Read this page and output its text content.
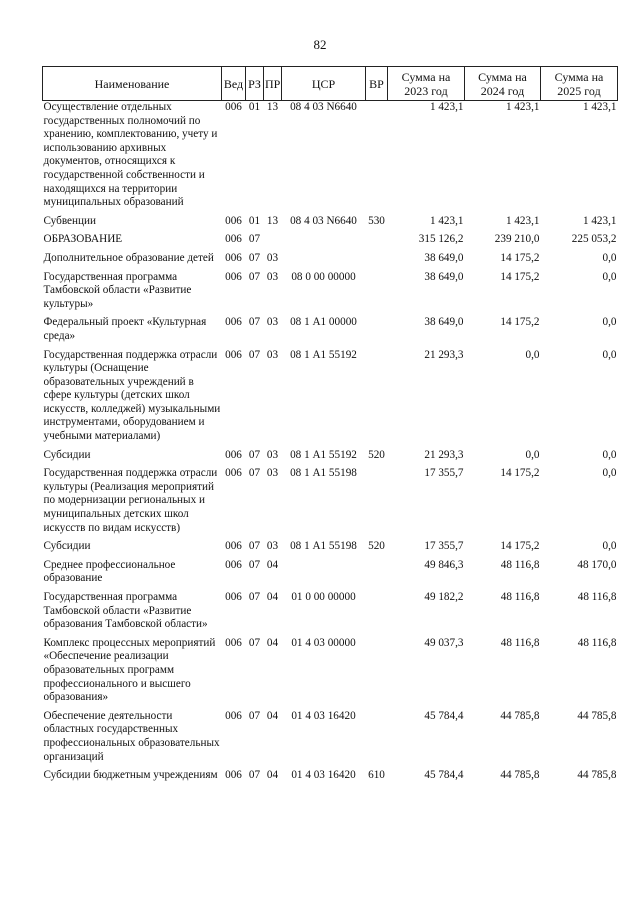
82
Наименование	Вед	РЗ	ПР	ЦСР	ВР	Сумма на 2023 год	Сумма на 2024 год	Сумма на 2025 год
Осуществление отдельных государственных полномочий по хранению, комплектованию, учету и использованию архивных документов, относящихся к государственной собственности и находящихся на территории муниципальных образований	006	01	13	08 4 03 N6640		1 423,1	1 423,1	1 423,1
Субвенции	006	01	13	08 4 03 N6640	530	1 423,1	1 423,1	1 423,1
ОБРАЗОВАНИЕ	006	07				315 126,2	239 210,0	225 053,2
Дополнительное образование детей	006	07	03			38 649,0	14 175,2	0,0
Государственная программа Тамбовской области «Развитие культуры»	006	07	03	08 0 00 00000		38 649,0	14 175,2	0,0
Федеральный проект «Культурная среда»	006	07	03	08 1 А1 00000		38 649,0	14 175,2	0,0
Государственная поддержка отрасли культуры (Оснащение образовательных учреждений в сфере культуры (детских школ искусств, колледжей) музыкальными инструментами, оборудованием и учебными материалами)	006	07	03	08 1 А1 55192		21 293,3	0,0	0,0
Субсидии	006	07	03	08 1 А1 55192	520	21 293,3	0,0	0,0
Государственная поддержка отрасли культуры (Реализация мероприятий по модернизации региональных и муниципальных детских школ искусств по видам искусств)	006	07	03	08 1 А1 55198		17 355,7	14 175,2	0,0
Субсидии	006	07	03	08 1 А1 55198	520	17 355,7	14 175,2	0,0
Среднее профессиональное образование	006	07	04			49 846,3	48 116,8	48 170,0
Государственная программа Тамбовской области «Развитие образования Тамбовской области»	006	07	04	01 0 00 00000		49 182,2	48 116,8	48 116,8
Комплекс процессных мероприятий «Обеспечение реализации образовательных программ профессионального и высшего образования»	006	07	04	01 4 03 00000		49 037,3	48 116,8	48 116,8
Обеспечение деятельности областных государственных профессиональных образовательных организаций	006	07	04	01 4 03 16420		45 784,4	44 785,8	44 785,8
Субсидии бюджетным учреждениям	006	07	04	01 4 03 16420	610	45 784,4	44 785,8	44 785,8
